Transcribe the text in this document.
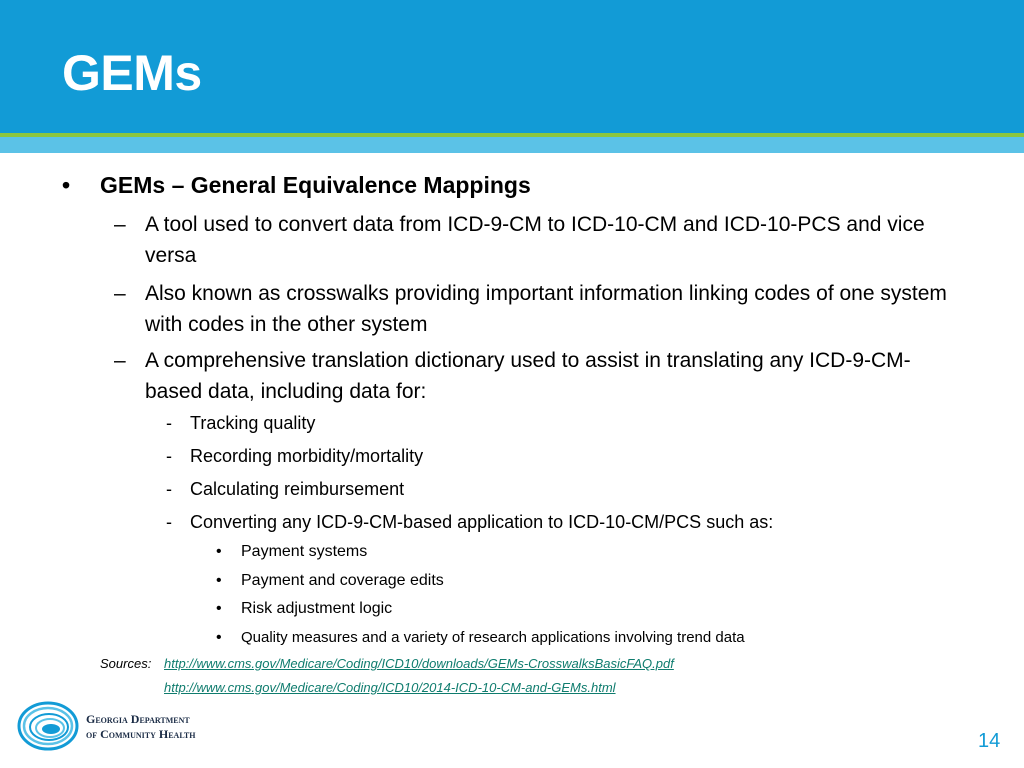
GEMs
• GEMs – General Equivalence Mappings
– A tool used to convert data from ICD-9-CM to ICD-10-CM and ICD-10-PCS and vice
versa
– Also known as crosswalks providing important information linking codes of one system
with codes in the other system
– A comprehensive translation dictionary used to assist in translating any ICD-9-CM-
based data, including data for:
- Tracking quality
- Recording morbidity/mortality
- Calculating reimbursement
- Converting any ICD-9-CM-based application to ICD-10-CM/PCS such as:
• Payment systems
• Payment and coverage edits
• Risk adjustment logic
• Quality measures and a variety of research applications involving trend data
Sources: http://www.cms.gov/Medicare/Coding/ICD10/downloads/GEMs-CrosswalksBasicFAQ.pdf
http://www.cms.gov/Medicare/Coding/ICD10/2014-ICD-10-CM-and-GEMs.html
Georgia Department
of Community Health	14
